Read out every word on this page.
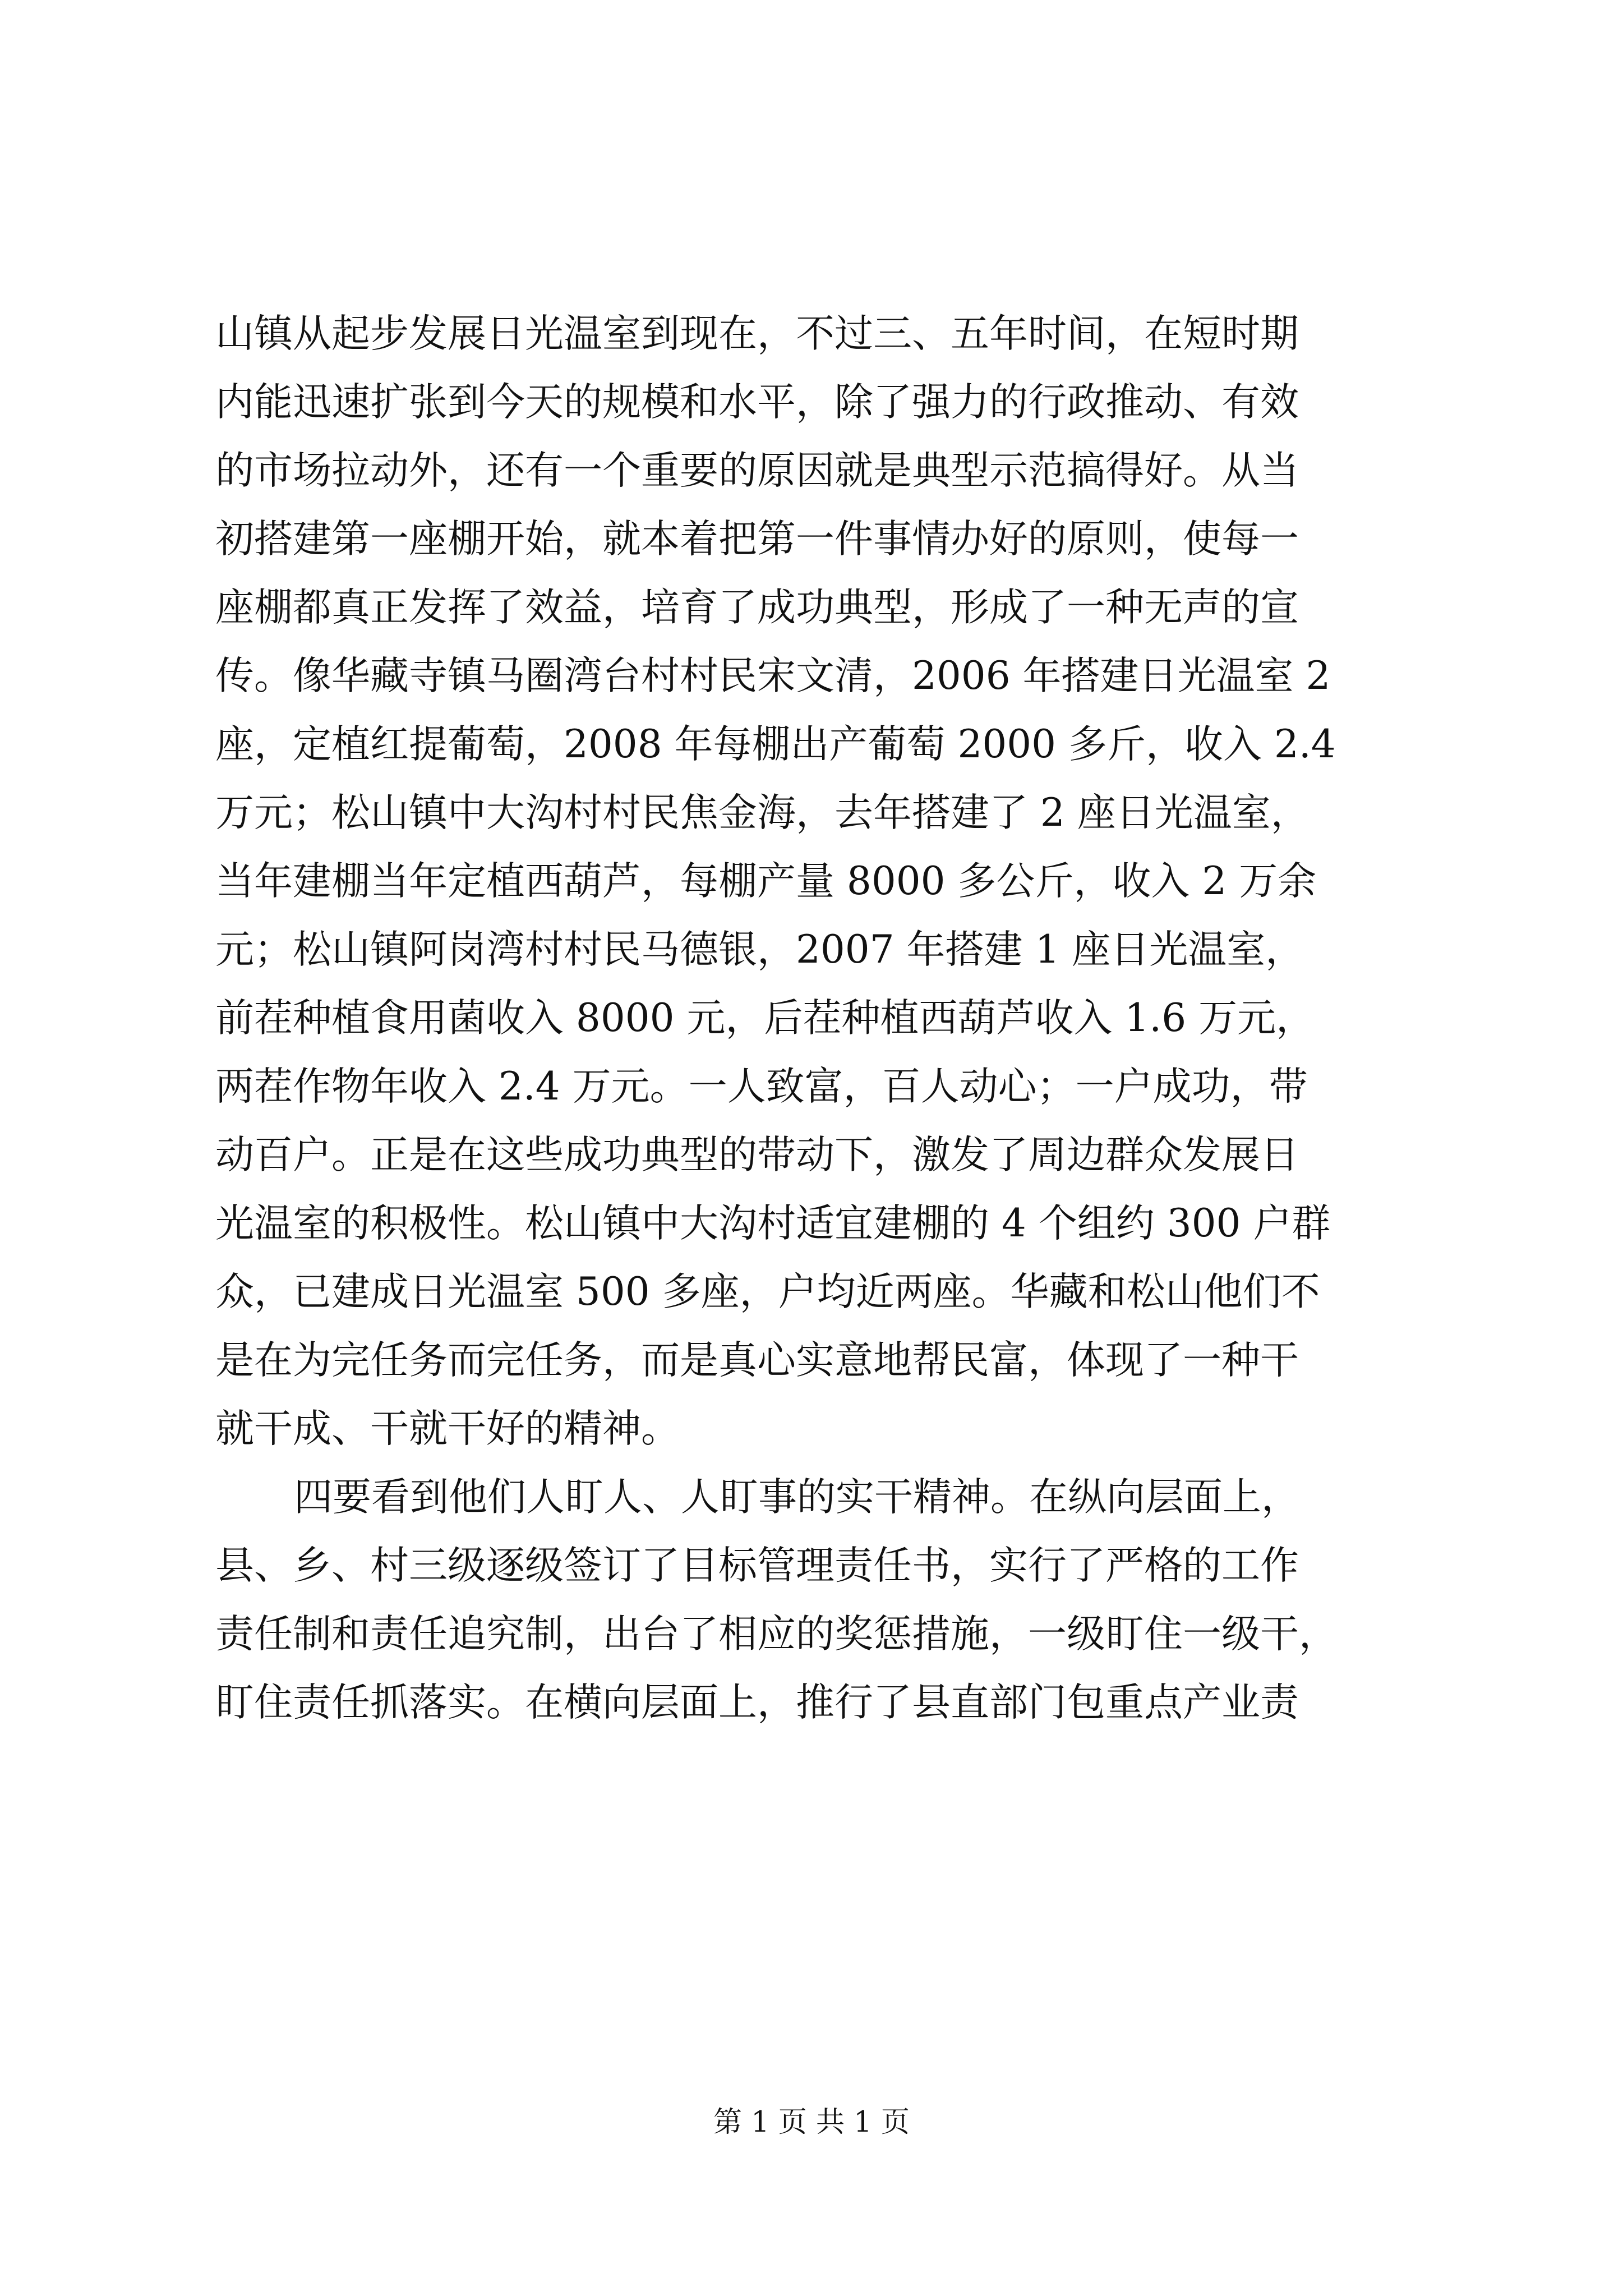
山镇从起步发展日光温室到现在，不过三、五年时间，在短时期
内能迅速扩张到今天的规模和水平，除了强力的行政推动、有效
的市场拉动外，还有一个重要的原因就是典型示范搞得好。从当
初搭建第一座棚开始，就本着把第一件事情办好的原则，使每一
座棚都真正发挥了效益，培育了成功典型，形成了一种无声的宣
传。像华藏寺镇马圈湾台村村民宋文清，2006 年搭建日光温室 2
座，定植红提葡萄，2008 年每棚出产葡萄 2000 多斤，收入 2.4
万元；松山镇中大沟村村民焦金海，去年搭建了 2 座日光温室，
当年建棚当年定植西葫芦，每棚产量 8000 多公斤，收入 2 万余
元；松山镇阿岗湾村村民马德银，2007 年搭建 1 座日光温室，
前茬种植食用菌收入 8000 元，后茬种植西葫芦收入 1.6 万元，
两茬作物年收入 2.4 万元。一人致富，百人动心；一户成功，带
动百户。正是在这些成功典型的带动下，激发了周边群众发展日
光温室的积极性。松山镇中大沟村适宜建棚的 4 个组约 300 户群
众，已建成日光温室 500 多座，户均近两座。华藏和松山他们不
是在为完任务而完任务，而是真心实意地帮民富，体现了一种干
就干成、干就干好的精神。
四要看到他们人盯人、人盯事的实干精神。在纵向层面上，
县、乡、村三级逐级签订了目标管理责任书，实行了严格的工作
责任制和责任追究制，出台了相应的奖惩措施，一级盯住一级干，
盯住责任抓落实。在横向层面上，推行了县直部门包重点产业责
第 1 页 共 1 页
